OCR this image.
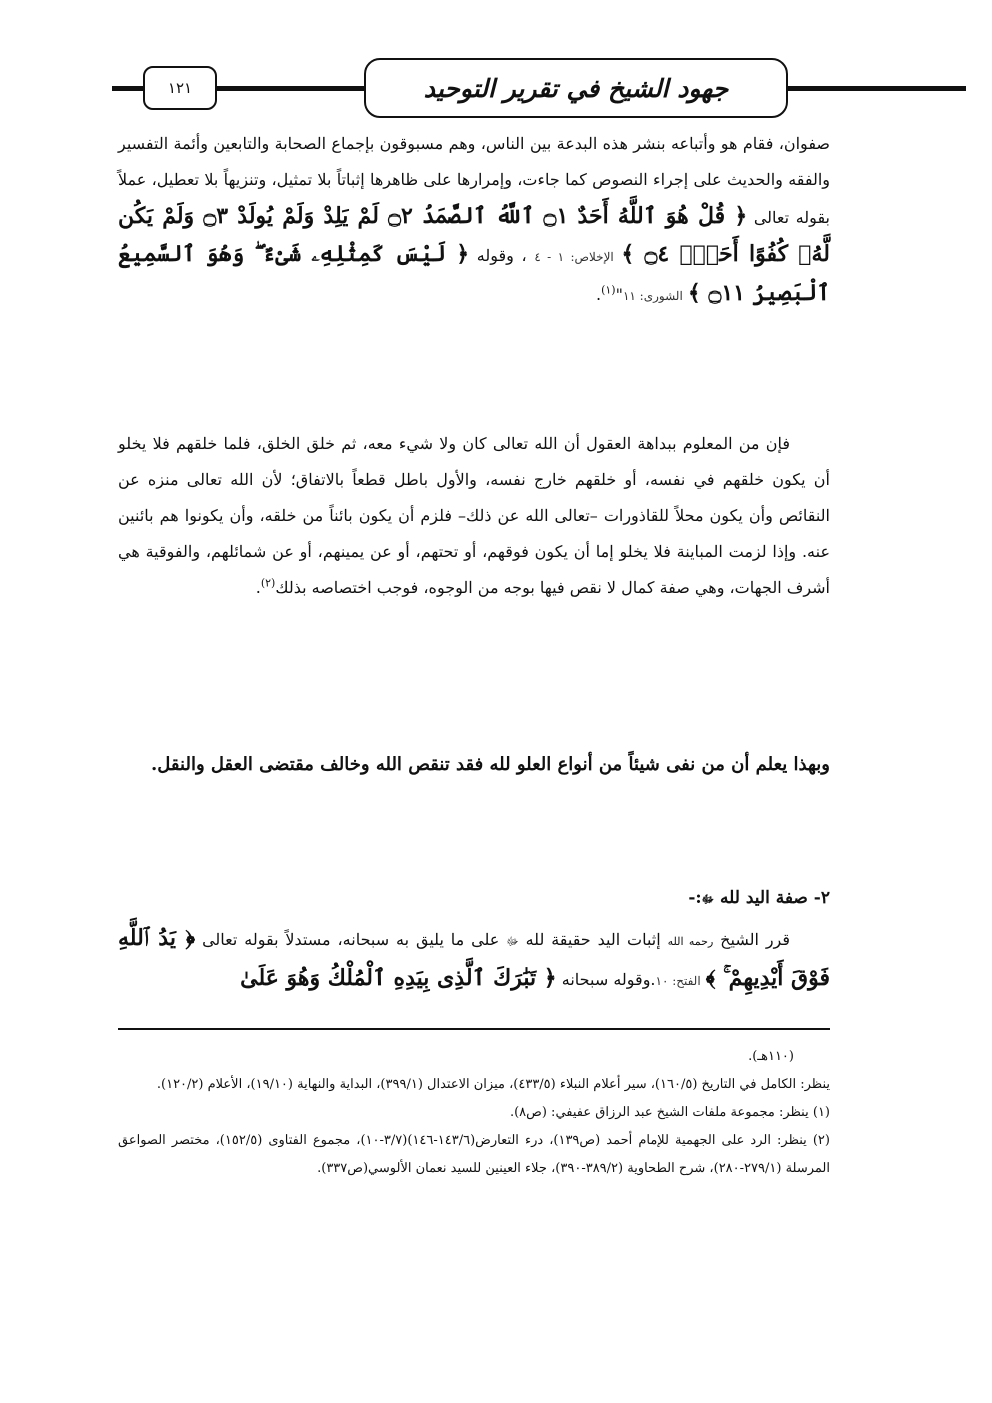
١٢١	جهود الشيخ في تقرير التوحيد

صفوان، فقام هو وأتباعه بنشر هذه البدعة بين الناس، وهم مسبوقون بإجماع الصحابة والتابعين وأئمة التفسير والفقه والحديث على إجراء النصوص كما جاءت، وإمرارها على ظاهرها إثباتاً بلا تمثيل، وتنزيهاً بلا تعطيل، عملاً بقوله تعالى ﴿ قُلْ هُوَ ٱللَّهُ أَحَدٌ ۝١ ٱللَّهُ ٱلصَّمَدُ ۝٢ لَمْ يَلِدْ وَلَمْ يُولَدْ ۝٣ وَلَمْ يَكُن لَّهُۥ كُفُوًا أَحَدٌۢ ۝٤ ﴾ الإخلاص: ١ - ٤ ، وقوله ﴿ لَيْسَ كَمِثْلِهِۦ شَىْءٌ ۖ وَهُوَ ٱلسَّمِيعُ ٱلْبَصِيرُ ۝١١ ﴾ الشورى: ١١"$^{(١)}$.

فإن من المعلوم ببداهة العقول أن الله تعالى كان ولا شيء معه، ثم خلق الخلق، فلما خلقهم فلا يخلو أن يكون خلقهم في نفسه، أو خلقهم خارج نفسه، والأول باطل قطعاً بالاتفاق؛ لأن الله تعالى منزه عن النقائص وأن يكون محلاً للقاذورات –تعالى الله عن ذلك– فلزم أن يكون بائناً من خلقه، وأن يكونوا هم بائنين عنه. وإذا لزمت المباينة فلا يخلو إما أن يكون فوقهم، أو تحتهم، أو عن يمينهم، أو عن شمائلهم، والفوقية هي أشرف الجهات، وهي صفة كمال لا نقص فيها بوجه من الوجوه، فوجب اختصاصه بذلك$^{(٢)}$.

وبهذا يعلم أن من نفى شيئاً من أنواع العلو لله فقد تنقص الله وخالف مقتضى العقل والنقل.

٢- صفة اليد لله ﷻ:-

قرر الشيخ رحمه الله إثبات اليد حقيقة لله ﷻ على ما يليق به سبحانه، مستدلاً بقوله تعالى ﴿ يَدُ ٱللَّهِ فَوْقَ أَيْدِيهِمْ ۚ ﴾ الفتح: ١٠.وقوله سبحانه ﴿ تَبَٰرَكَ ٱلَّذِى بِيَدِهِ ٱلْمُلْكُ وَهُوَ عَلَىٰ

(١١٠هـ).

ينظر: الكامل في التاريخ (١٦٠/٥)، سير أعلام النبلاء (٤٣٣/٥)، ميزان الاعتدال (٣٩٩/١)، البداية والنهاية (١٩/١٠)، الأعلام (١٢٠/٢).

(١) ينظر: مجموعة ملفات الشيخ عبد الرزاق عفيفي: (ص٨).

(٢) ينظر: الرد على الجهمية للإمام أحمد (ص١٣٩)، درء التعارض(١٤٣/٦-١٤٦)(٣/٧-١٠)، مجموع الفتاوى (١٥٢/٥)، مختصر الصواعق المرسلة (٢٧٩/١-٢٨٠)، شرح الطحاوية (٣٨٩/٢-٣٩٠)، جلاء العينين للسيد نعمان الألوسي(ص٣٣٧).
